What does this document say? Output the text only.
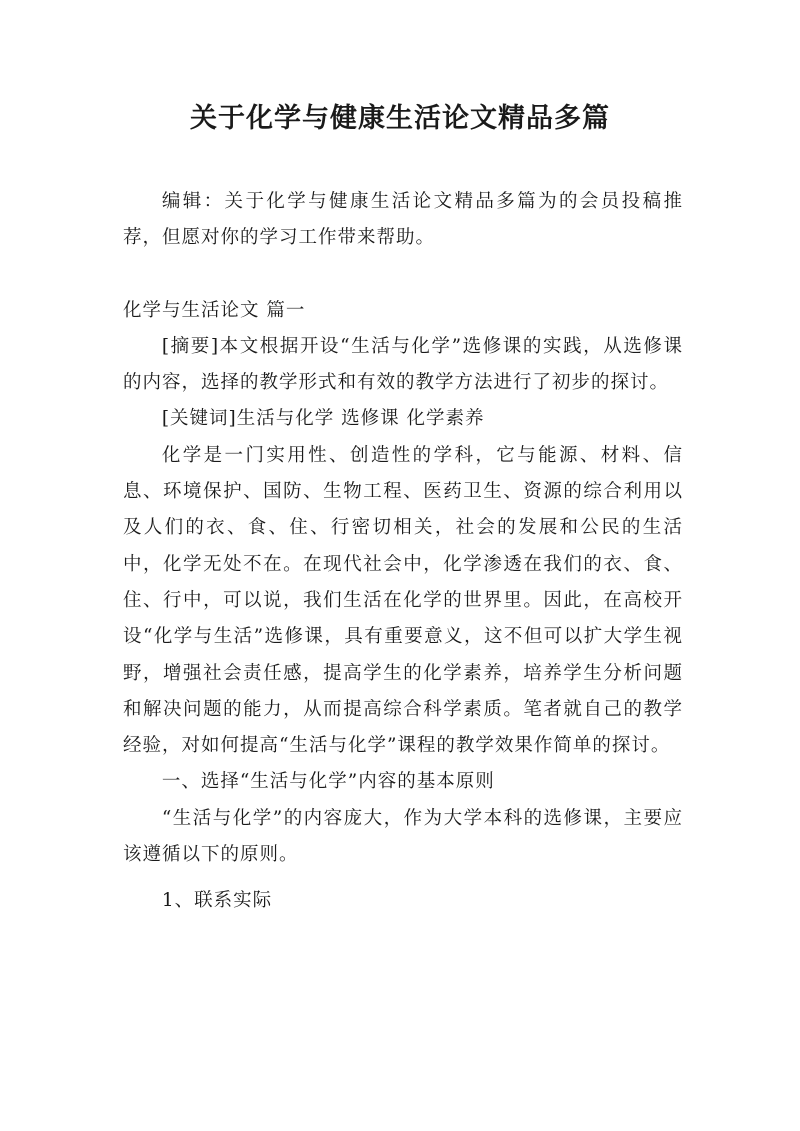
关于化学与健康生活论文精品多篇

编辑：关于化学与健康生活论文精品多篇为的会员投稿推荐，但愿对你的学习工作带来帮助。

化学与生活论文 篇一

[摘要]本文根据开设“生活与化学”选修课的实践，从选修课的内容，选择的教学形式和有效的教学方法进行了初步的探讨。

[关键词]生活与化学 选修课 化学素养

化学是一门实用性、创造性的学科，它与能源、材料、信息、环境保护、国防、生物工程、医药卫生、资源的综合利用以及人们的衣、食、住、行密切相关，社会的发展和公民的生活中，化学无处不在。在现代社会中，化学渗透在我们的衣、食、住、行中，可以说，我们生活在化学的世界里。因此，在高校开设“化学与生活”选修课，具有重要意义，这不但可以扩大学生视野，增强社会责任感，提高学生的化学素养，培养学生分析问题和解决问题的能力，从而提高综合科学素质。笔者就自己的教学经验，对如何提高“生活与化学”课程的教学效果作简单的探讨。

一、选择“生活与化学”内容的基本原则

“生活与化学”的内容庞大，作为大学本科的选修课，主要应该遵循以下的原则。

1、联系实际
